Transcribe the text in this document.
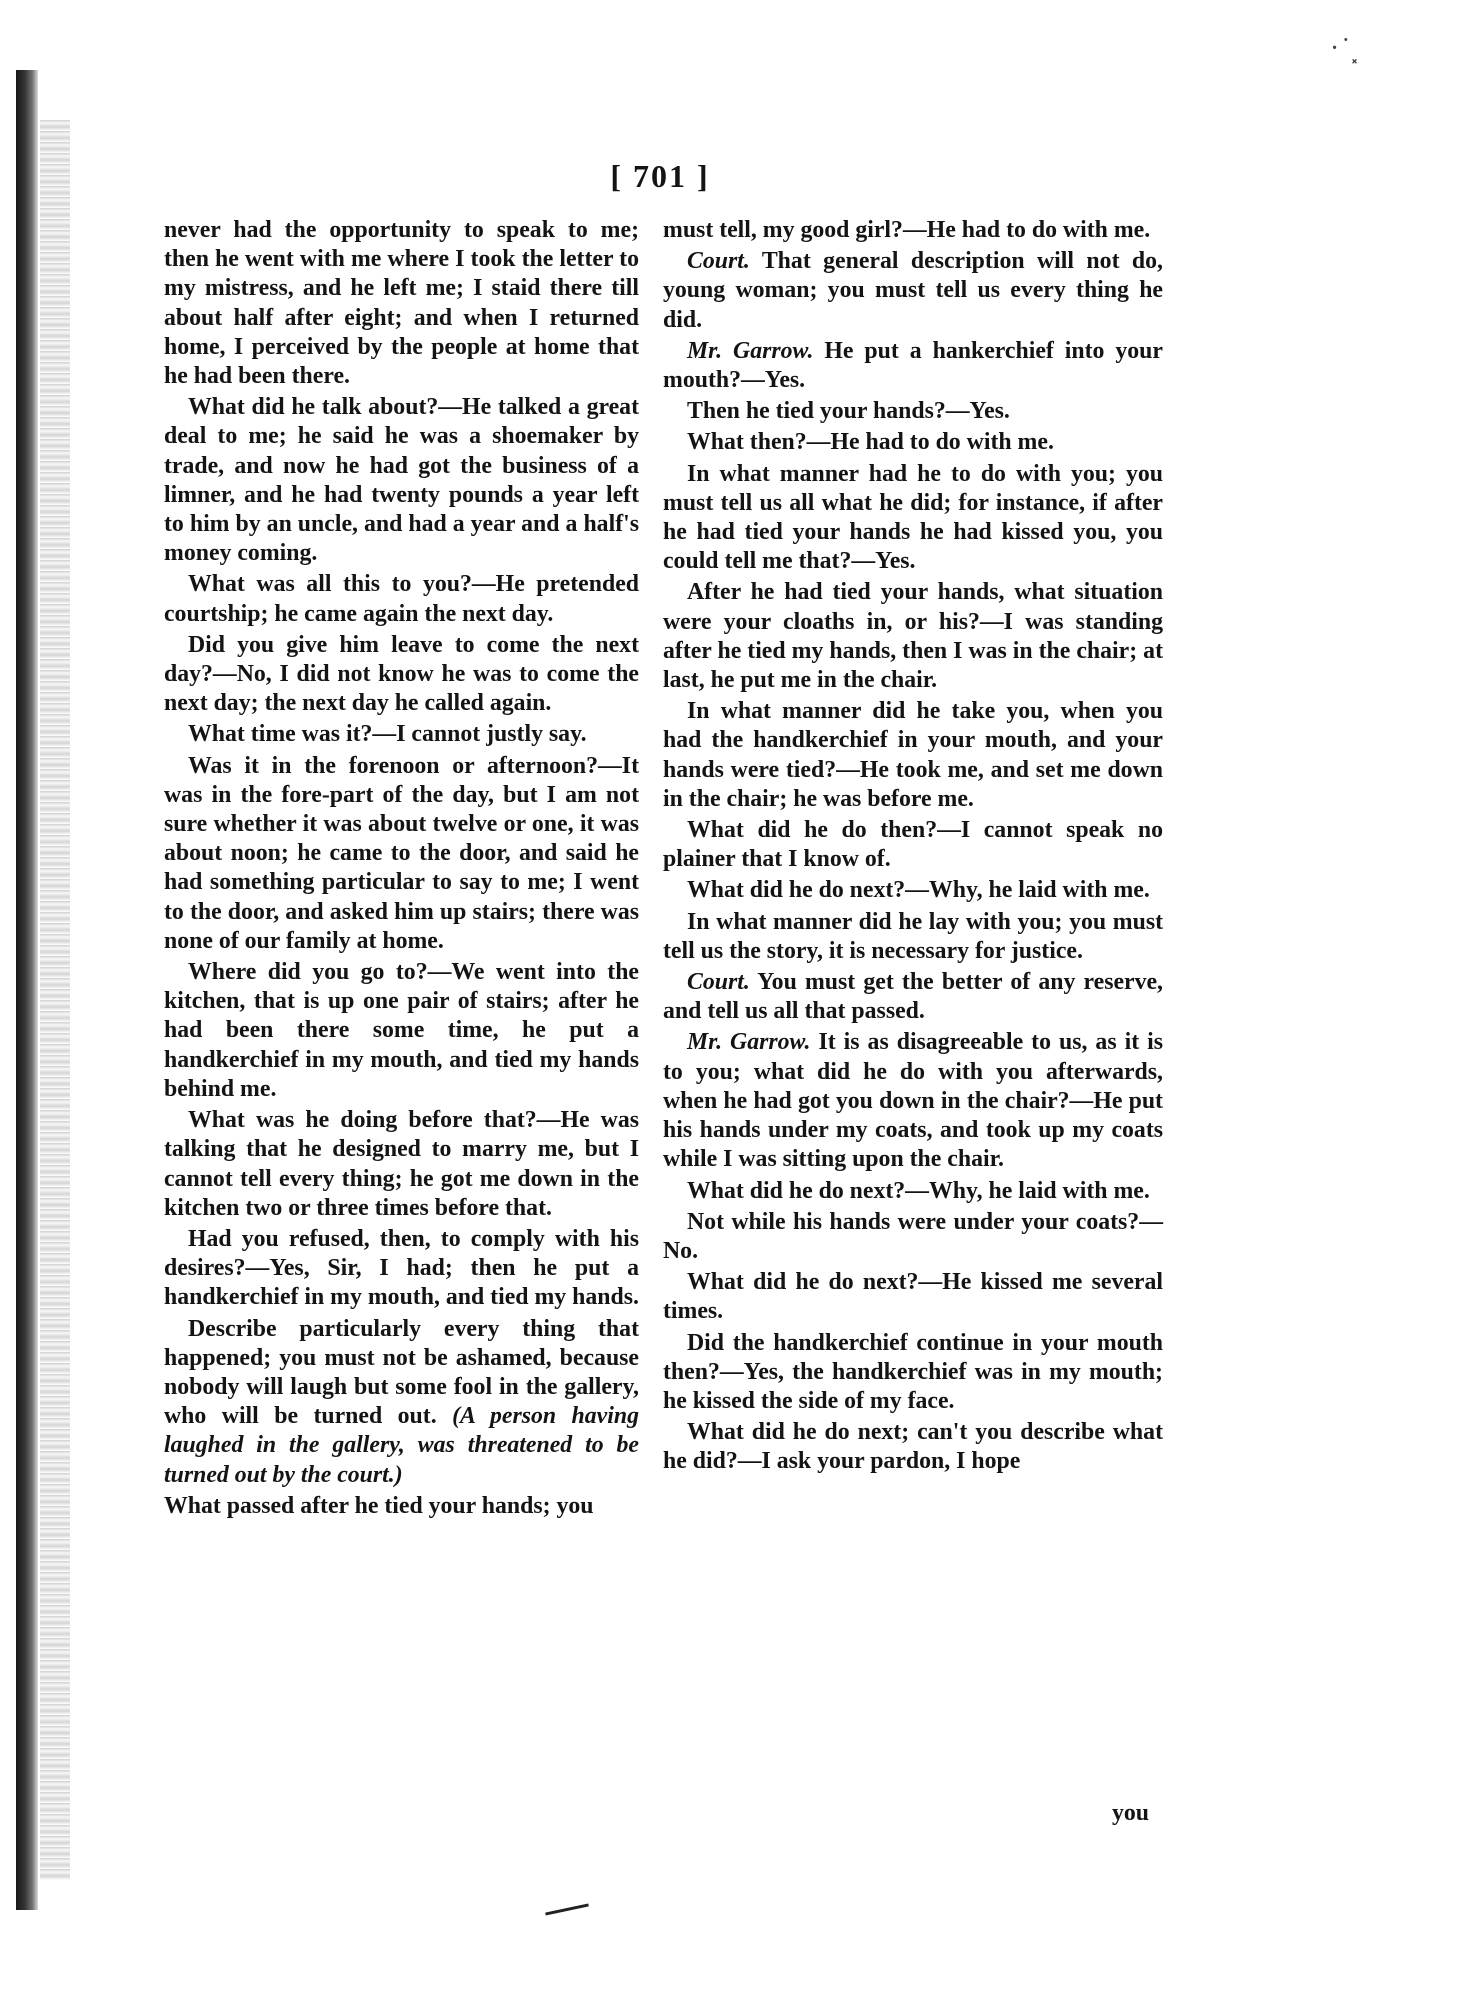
·˙⸼
[ 701 ]

never had the opportunity to speak to me; then he went with me where I took the letter to my mistress, and he left me; I staid there till about half after eight; and when I returned home, I perceived by the people at home that he had been there.

What did he talk about?—He talked a great deal to me; he said he was a shoemaker by trade, and now he had got the business of a limner, and he had twenty pounds a year left to him by an uncle, and had a year and a half's money coming.

What was all this to you?—He pretended courtship; he came again the next day.

Did you give him leave to come the next day?—No, I did not know he was to come the next day; the next day he called again.

What time was it?—I cannot justly say.

Was it in the forenoon or afternoon?—It was in the fore-part of the day, but I am not sure whether it was about twelve or one, it was about noon; he came to the door, and said he had something particular to say to me; I went to the door, and asked him up stairs; there was none of our family at home.

Where did you go to?—We went into the kitchen, that is up one pair of stairs; after he had been there some time, he put a handkerchief in my mouth, and tied my hands behind me.

What was he doing before that?—He was talking that he designed to marry me, but I cannot tell every thing; he got me down in the kitchen two or three times before that.

Had you refused, then, to comply with his desires?—Yes, Sir, I had; then he put a handkerchief in my mouth, and tied my hands.

Describe particularly every thing that happened; you must not be ashamed, because nobody will laugh but some fool in the gallery, who will be turned out. (A person having laughed in the gallery, was threatened to be turned out by the court.)

What passed after he tied your hands; you

must tell, my good girl?—He had to do with me.

Court. That general description will not do, young woman; you must tell us every thing he did.

Mr. Garrow. He put a hankerchief into your mouth?—Yes.

Then he tied your hands?—Yes.

What then?—He had to do with me.

In what manner had he to do with you; you must tell us all what he did; for instance, if after he had tied your hands he had kissed you, you could tell me that?—Yes.

After he had tied your hands, what situation were your cloaths in, or his?—I was standing after he tied my hands, then I was in the chair; at last, he put me in the chair.

In what manner did he take you, when you had the handkerchief in your mouth, and your hands were tied?—He took me, and set me down in the chair; he was before me.

What did he do then?—I cannot speak no plainer that I know of.

What did he do next?—Why, he laid with me.

In what manner did he lay with you; you must tell us the story, it is necessary for justice.

Court. You must get the better of any reserve, and tell us all that passed.

Mr. Garrow. It is as disagreeable to us, as it is to you; what did he do with you afterwards, when he had got you down in the chair?—He put his hands under my coats, and took up my coats while I was sitting upon the chair.

What did he do next?—Why, he laid with me.

Not while his hands were under your coats?—No.

What did he do next?—He kissed me several times.

Did the handkerchief continue in your mouth then?—Yes, the handkerchief was in my mouth; he kissed the side of my face.

What did he do next; can't you describe what he did?—I ask your pardon, I hope

you
